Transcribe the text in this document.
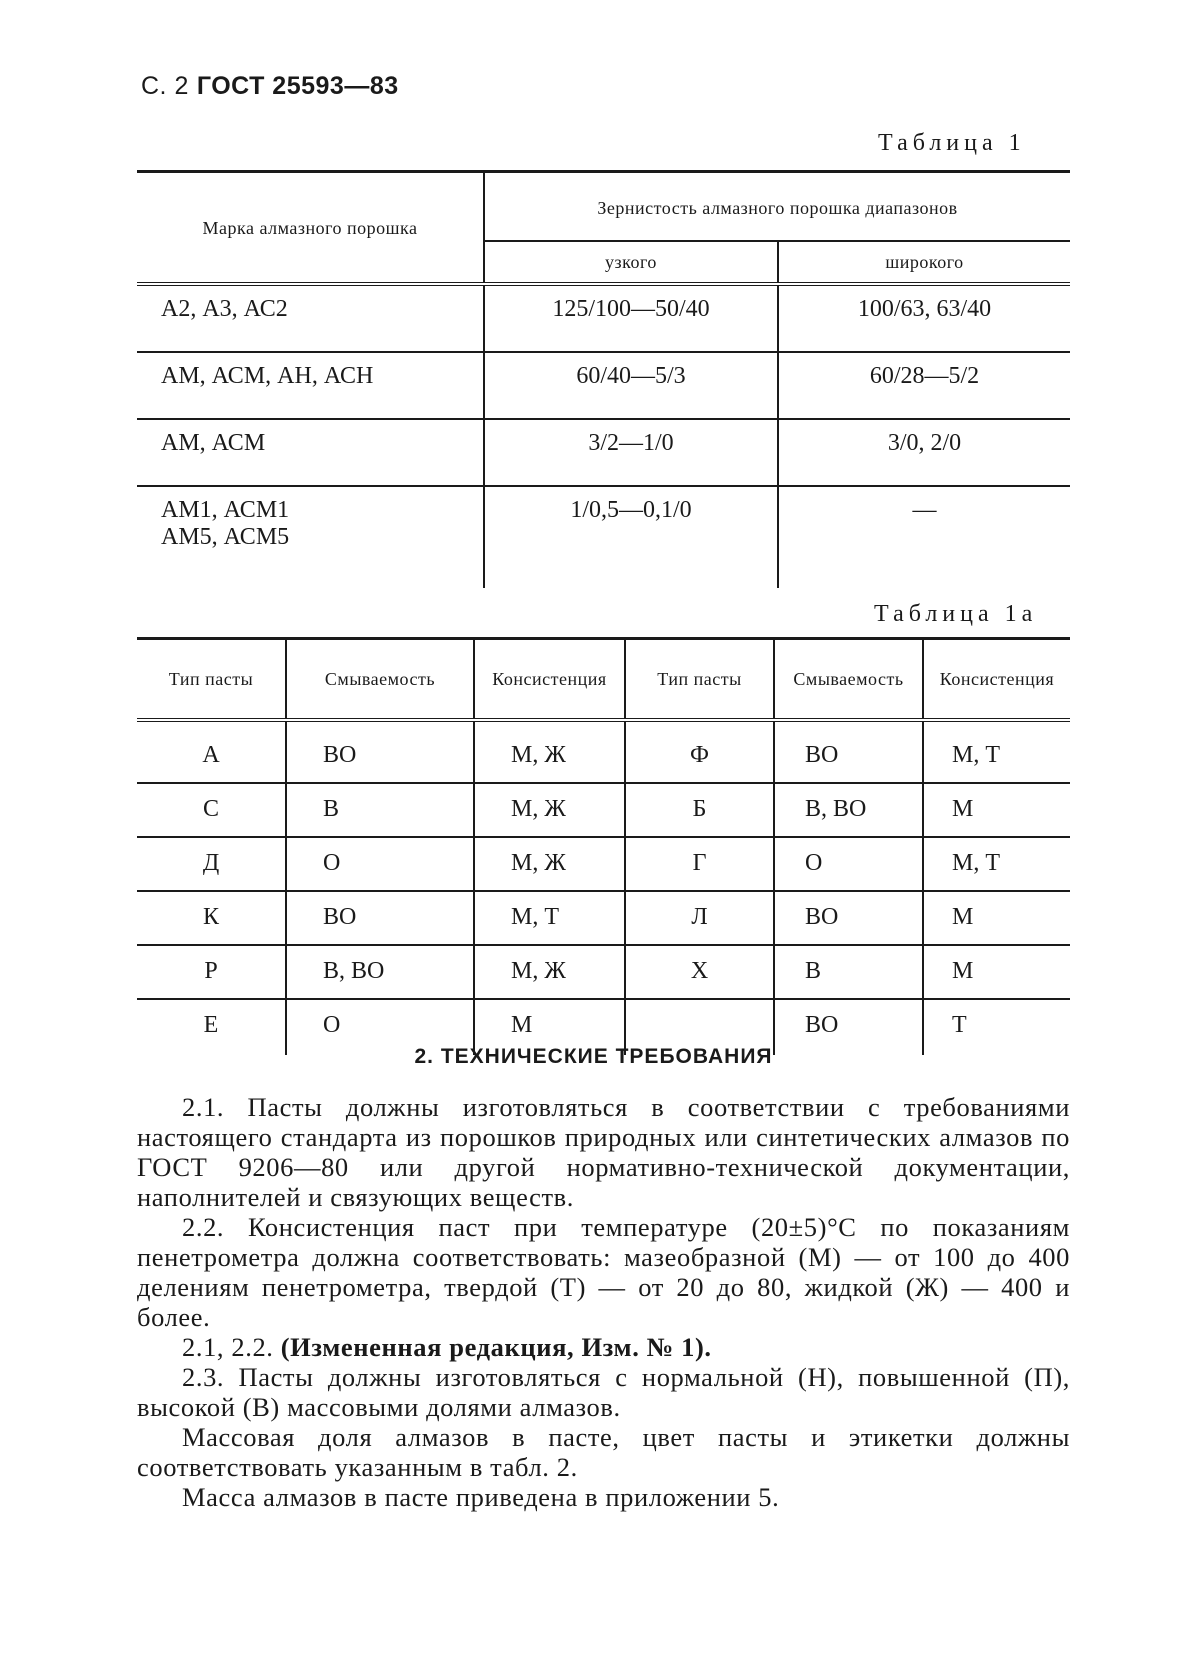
С. 2 ГОСТ 25593—83
Таблица 1
Марка алмазного порошка	Зернистость алмазного порошка диапазонов	
	узкого	широкого
А2, А3, АС2	125/100—50/40	100/63, 63/40
АМ, АСМ, АН, АСН	60/40—5/3	60/28—5/2
АМ, АСМ	3/2—1/0	3/0, 2/0

АМ1, АСМ1
АМ5, АСМ5	1/0,5—0,1/0	—
Таблица 1а
Тип пасты	Смываемость	Консистенция	Тип пасты	Смываемость	Консистенция
А	ВО	М, Ж	Ф	ВО	М, Т
С	В	М, Ж	Б	В, ВО	М
Д	О	М, Ж	Г	О	М, Т
К	ВО	М, Т	Л	ВО	М
Р	В, ВО	М, Ж	Х	В	М
Е	О	М		ВО	Т
2. ТЕХНИЧЕСКИЕ ТРЕБОВАНИЯ

2.1. Пасты должны изготовляться в соответствии с требованиями настоящего стандарта из порошков природных или синтетических алмазов по ГОСТ 9206—80 или другой нормативно-технической документации, наполнителей и связующих веществ.

2.2. Консистенция паст при температуре (20±5)°С по показаниям пенетрометра должна соответствовать: мазеобразной (М) — от 100 до 400 делениям пенетрометра, твердой (Т) — от 20 до 80, жидкой (Ж) — 400 и более.

2.1, 2.2. (Измененная редакция, Изм. № 1).

2.3. Пасты должны изготовляться с нормальной (Н), повышенной (П), высокой (В) массовыми долями алмазов.

Массовая доля алмазов в пасте, цвет пасты и этикетки должны соответствовать указанным в табл. 2.

Масса алмазов в пасте приведена в приложении 5.
